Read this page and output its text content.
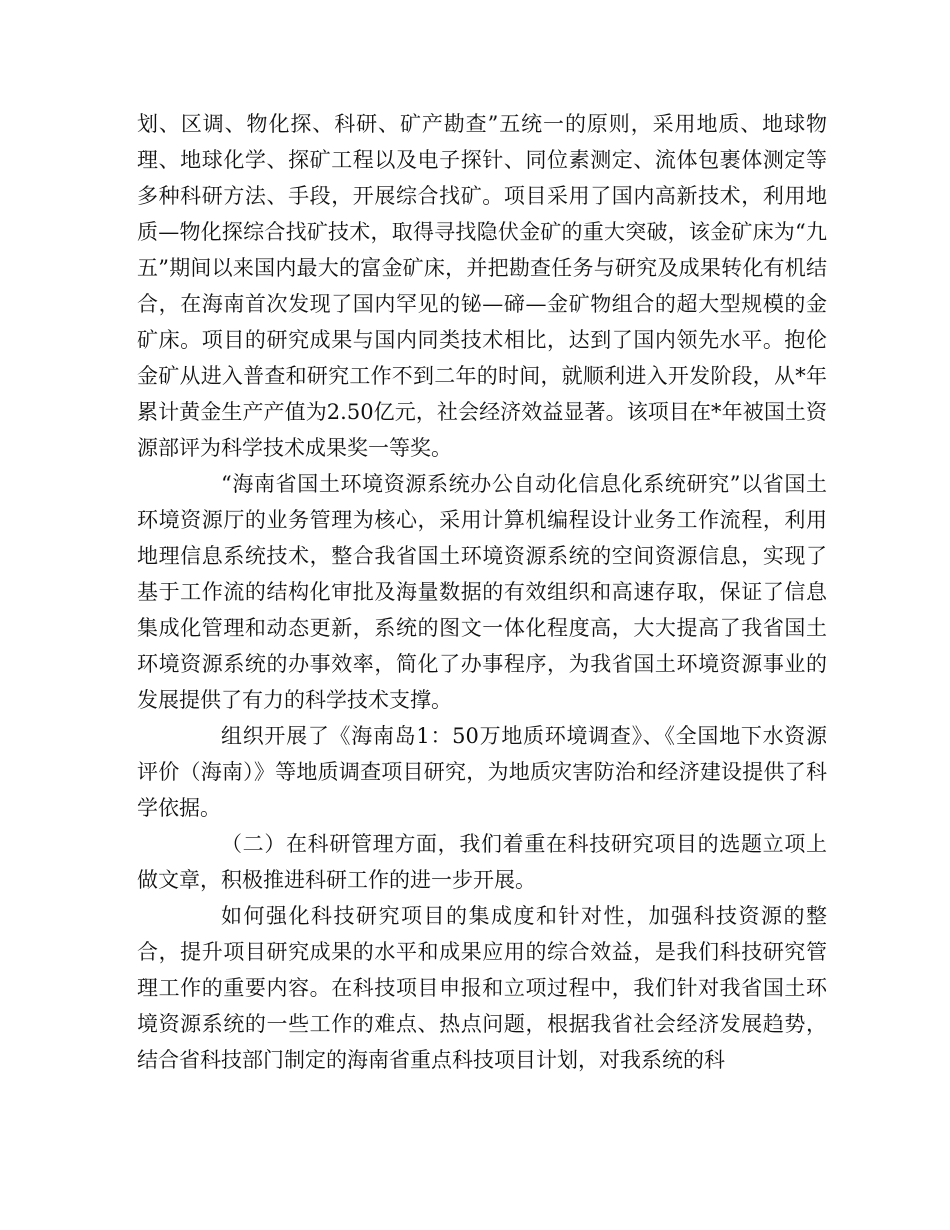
划、区调、物化探、科研、矿产勘查”五统一的原则，采用地质、地球物理、地球化学、探矿工程以及电子探针、同位素测定、流体包裹体测定等多种科研方法、手段，开展综合找矿。项目采用了国内高新技术，利用地质—物化探综合找矿技术，取得寻找隐伏金矿的重大突破，该金矿床为“九五”期间以来国内最大的富金矿床，并把勘查任务与研究及成果转化有机结合，在海南首次发现了国内罕见的铋—碲—金矿物组合的超大型规模的金矿床。项目的研究成果与国内同类技术相比，达到了国内领先水平。抱伦金矿从进入普查和研究工作不到二年的时间，就顺利进入开发阶段，从*年累计黄金生产产值为2.50亿元，社会经济效益显著。该项目在*年被国土资源部评为科学技术成果奖一等奖。

“海南省国土环境资源系统办公自动化信息化系统研究”以省国土环境资源厅的业务管理为核心，采用计算机编程设计业务工作流程，利用地理信息系统技术，整合我省国土环境资源系统的空间资源信息，实现了基于工作流的结构化审批及海量数据的有效组织和高速存取，保证了信息集成化管理和动态更新，系统的图文一体化程度高，大大提高了我省国土环境资源系统的办事效率，简化了办事程序，为我省国土环境资源事业的发展提供了有力的科学技术支撑。

组织开展了《海南岛1：50万地质环境调查》、《全国地下水资源评价（海南）》等地质调查项目研究，为地质灾害防治和经济建设提供了科学依据。

（二）在科研管理方面，我们着重在科技研究项目的选题立项上做文章，积极推进科研工作的进一步开展。

如何强化科技研究项目的集成度和针对性，加强科技资源的整合，提升项目研究成果的水平和成果应用的综合效益，是我们科技研究管理工作的重要内容。在科技项目申报和立项过程中，我们针对我省国土环境资源系统的一些工作的难点、热点问题，根据我省社会经济发展趋势，结合省科技部门制定的海南省重点科技项目计划，对我系统的科
